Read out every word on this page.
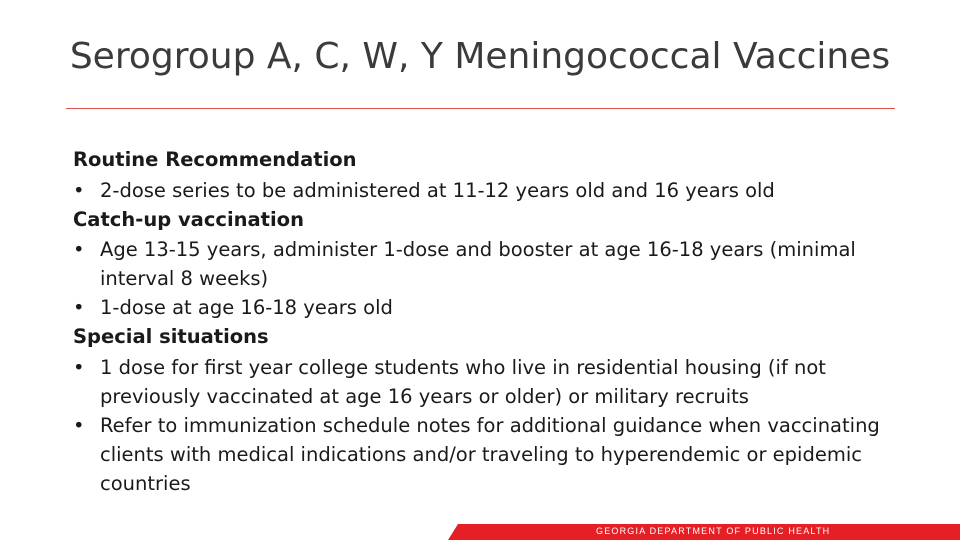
Serogroup A, C, W, Y Meningococcal Vaccines
Routine Recommendation
• 2-dose series to be administered at 11-12 years old and 16 years old
Catch-up vaccination
• Age 13-15 years, administer 1-dose and booster at age 16-18 years (minimal interval 8 weeks)
• 1-dose at age 16-18 years old
Special situations
• 1 dose for first year college students who live in residential housing (if not previously vaccinated at age 16 years or older) or military recruits
• Refer to immunization schedule notes for additional guidance when vaccinating clients with medical indications and/or traveling to hyperendemic or epidemic countries
GEORGIA DEPARTMENT OF PUBLIC HEALTH
